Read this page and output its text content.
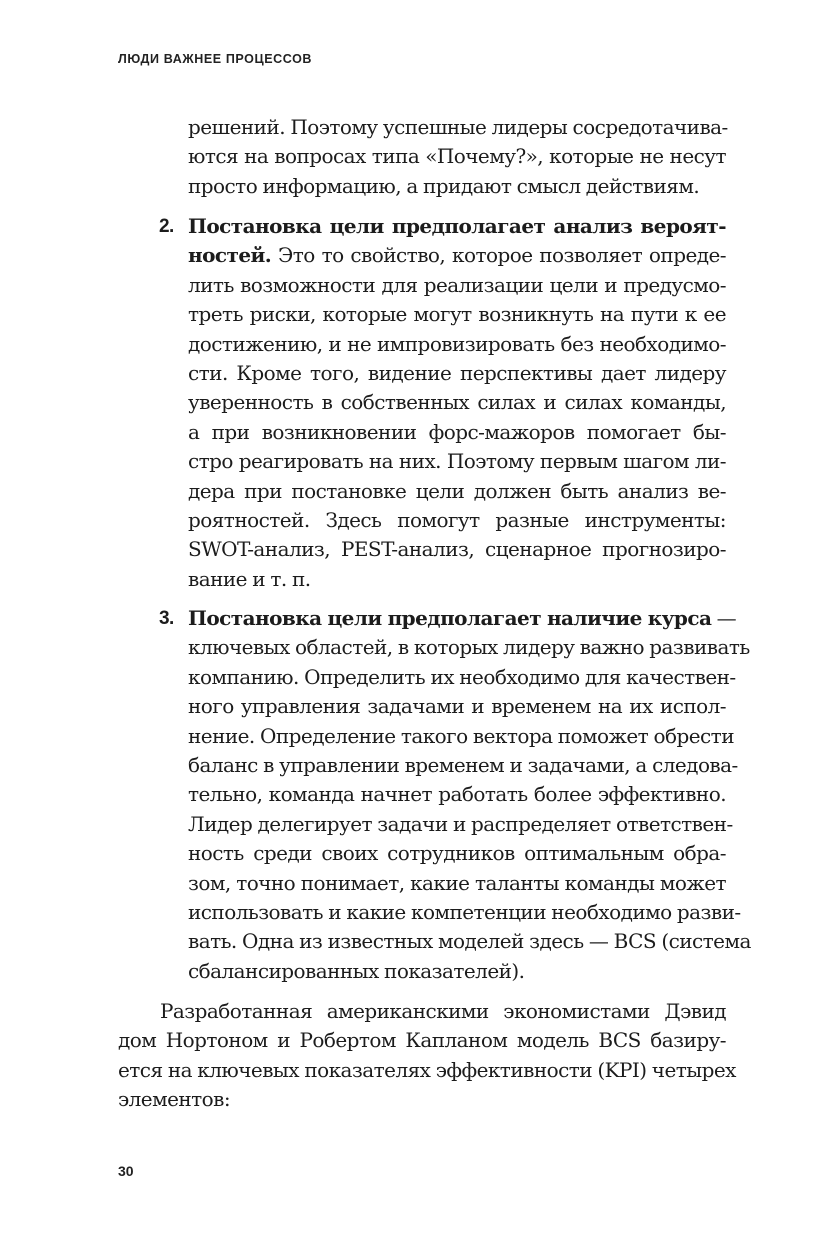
ЛЮДИ ВАЖНЕЕ ПРОЦЕССОВ
решений. Поэтому успешные лидеры сосредотачива-
ются на вопросах типа «Почему?», которые не несут
просто информацию, а придают смысл действиям.
2. Постановка цели предполагает анализ вероят-
ностей. Это то свойство, которое позволяет опреде-
лить возможности для реализации цели и предусмо-
треть риски, которые могут возникнуть на пути к ее
достижению, и не импровизировать без необходимо-
сти. Кроме того, видение перспективы дает лидеру
уверенность в собственных силах и силах команды,
а при возникновении форс-мажоров помогает бы-
стро реагировать на них. Поэтому первым шагом ли-
дера при постановке цели должен быть анализ ве-
роятностей. Здесь помогут разные инструменты:
SWOT-анализ, PEST-анализ, сценарное прогнозиро-
вание и т. п.
3. Постановка цели предполагает наличие курса —
ключевых областей, в которых лидеру важно развивать
компанию. Определить их необходимо для качествен-
ного управления задачами и временем на их испол-
нение. Определение такого вектора поможет обрести
баланс в управлении временем и задачами, а следова-
тельно, команда начнет работать более эффективно.
Лидер делегирует задачи и распределяет ответствен-
ность среди своих сотрудников оптимальным обра-
зом, точно понимает, какие таланты команды может
использовать и какие компетенции необходимо разви-
вать. Одна из известных моделей здесь — BCS (система
сбалансированных показателей).
Разработанная американскими экономистами Дэвид
дом Нортоном и Робертом Капланом модель BCS базиру-
ется на ключевых показателях эффективности (KPI) четырех
элементов:
30
